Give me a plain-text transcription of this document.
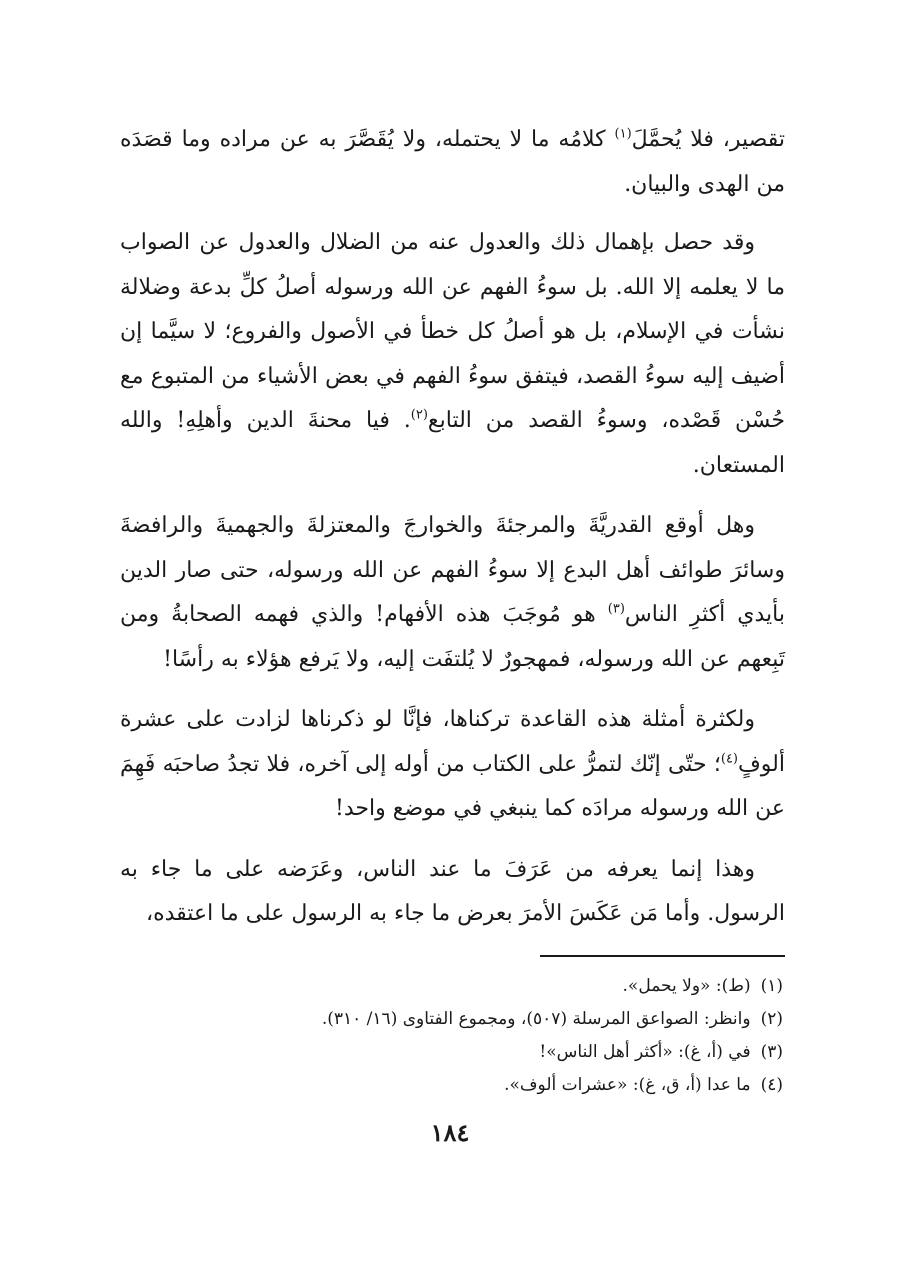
تقصير، فلا يُحمَّلَ$^{(١)}$ كلامُه ما لا يحتمله، ولا يُقَصَّرَ به عن مراده وما قصَدَه من الهدى والبيان.

وقد حصل بإهمال ذلك والعدول عنه من الضلال والعدول عن الصواب ما لا يعلمه إلا الله. بل سوءُ الفهم عن الله ورسوله أصلُ كلِّ بدعة وضلالة نشأت في الإسلام، بل هو أصلُ كل خطأ في الأصول والفروع؛ لا سيَّما إن أضيف إليه سوءُ القصد، فيتفق سوءُ الفهم في بعض الأشياء من المتبوع مع حُسْن قَصْده، وسوءُ القصد من التابع$^{(٢)}$. فيا محنةَ الدين وأهلِهِ! والله المستعان.

وهل أوقع القدريَّةَ والمرجئةَ والخوارجَ والمعتزلةَ والجهميةَ والرافضةَ وسائرَ طوائف أهل البدع إلا سوءُ الفهم عن الله ورسوله، حتى صار الدين بأيدي أكثرِ الناس$^{(٣)}$ هو مُوجَبَ هذه الأفهام! والذي فهمه الصحابةُ ومن تَبِعهم عن الله ورسوله، فمهجورٌ لا يُلتفَت إليه، ولا يَرفع هؤلاء به رأسًا!

ولكثرة أمثلة هذه القاعدة تركناها، فإنَّا لو ذكرناها لزادت على عشرة ألوفٍ$^{(٤)}$؛ حتّى إنّك لتمرُّ على الكتاب من أوله إلى آخره، فلا تجدُ صاحبَه فَهِمَ عن الله ورسوله مرادَه كما ينبغي في موضع واحد!

وهذا إنما يعرفه من عَرَفَ ما عند الناس، وعَرَضه على ما جاء به الرسول. وأما مَن عَكَسَ الأمرَ بعرض ما جاء به الرسول على ما اعتقده،

(١)(ط): «ولا يحمل».
(٢)وانظر: الصواعق المرسلة (٥٠٧)، ومجموع الفتاوى (١٦/ ٣١٠).
(٣)في (أ، غ): «أكثر أهل الناس»!
(٤)ما عدا (أ، ق، غ): «عشرات ألوف».
١٨٤
